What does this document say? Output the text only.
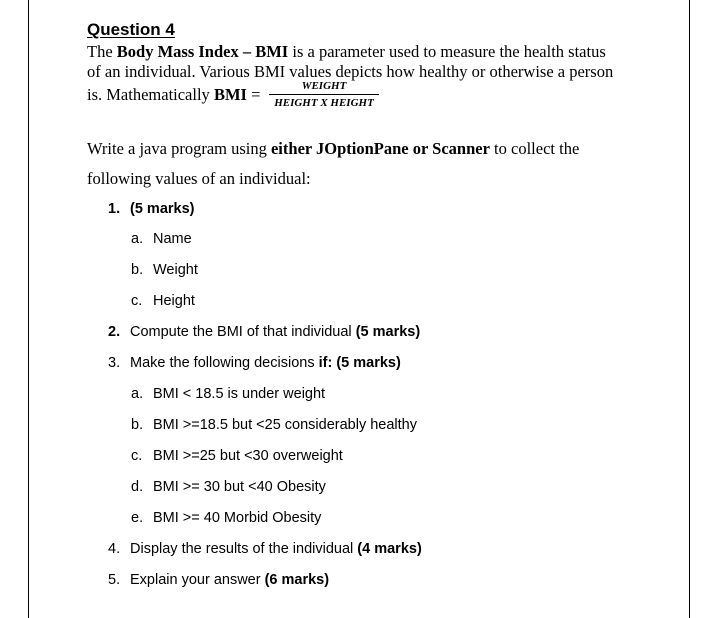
Question 4
The Body Mass Index – BMI is a parameter used to measure the health status
of an individual. Various BMI values depicts how healthy or otherwise a person
is. Mathematically BMI =	WEIGHT
HEIGHT X HEIGHT
Write a java program using either JOptionPane or Scanner to collect the
following values of an individual:
1. (5 marks)
a. Name
b. Weight
c. Height
2. Compute the BMI of that individual (5 marks)
3. Make the following decisions if: (5 marks)
a. BMI < 18.5 is under weight
b. BMI >=18.5 but <25 considerably healthy
c. BMI >=25 but <30 overweight
d. BMI >= 30 but <40 Obesity
e. BMI >= 40 Morbid Obesity
4. Display the results of the individual (4 marks)
5. Explain your answer (6 marks)
